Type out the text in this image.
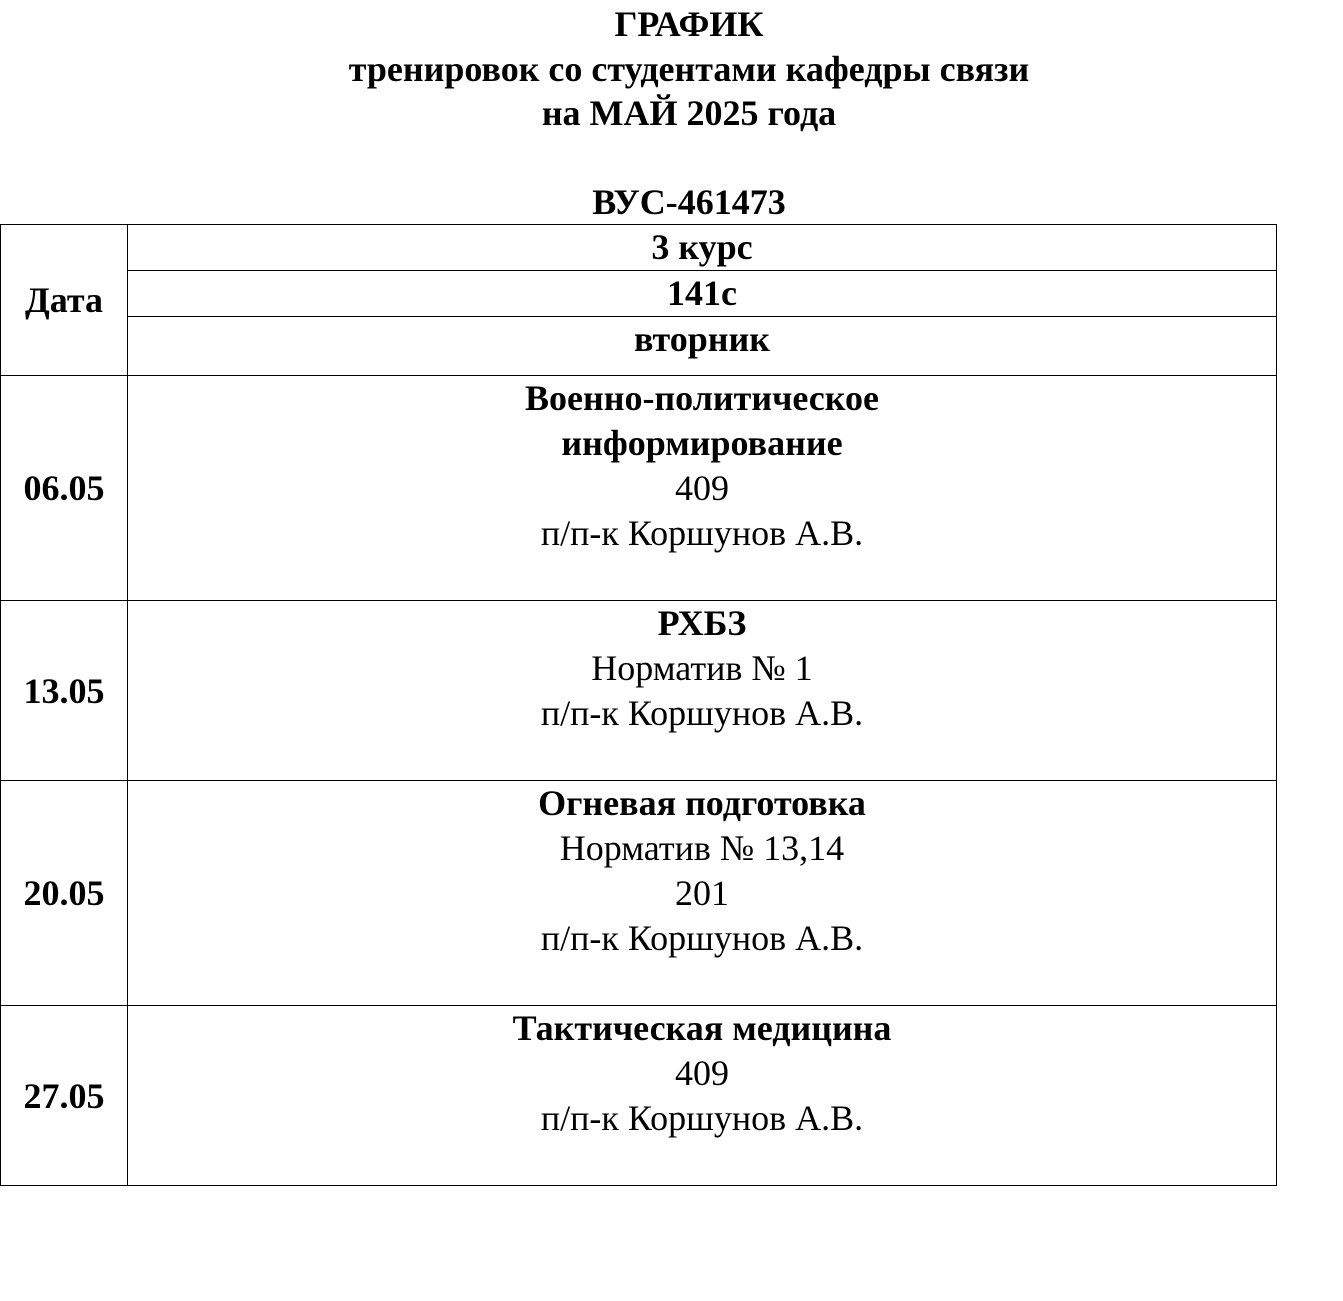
ГРАФИК
тренировок со студентами кафедры связи
на МАЙ 2025 года
ВУС-461473
Дата	3 курс
	141с
	вторник
06.05	Военно-политическое
информирование
409
п/п-к Коршунов А.В.

13.05	РХБЗ
Норматив № 1
п/п-к Коршунов А.В.

20.05	Огневая подготовка
Норматив № 13,14
201
п/п-к Коршунов А.В.

27.05	Тактическая медицина
409
п/п-к Коршунов А.В.
